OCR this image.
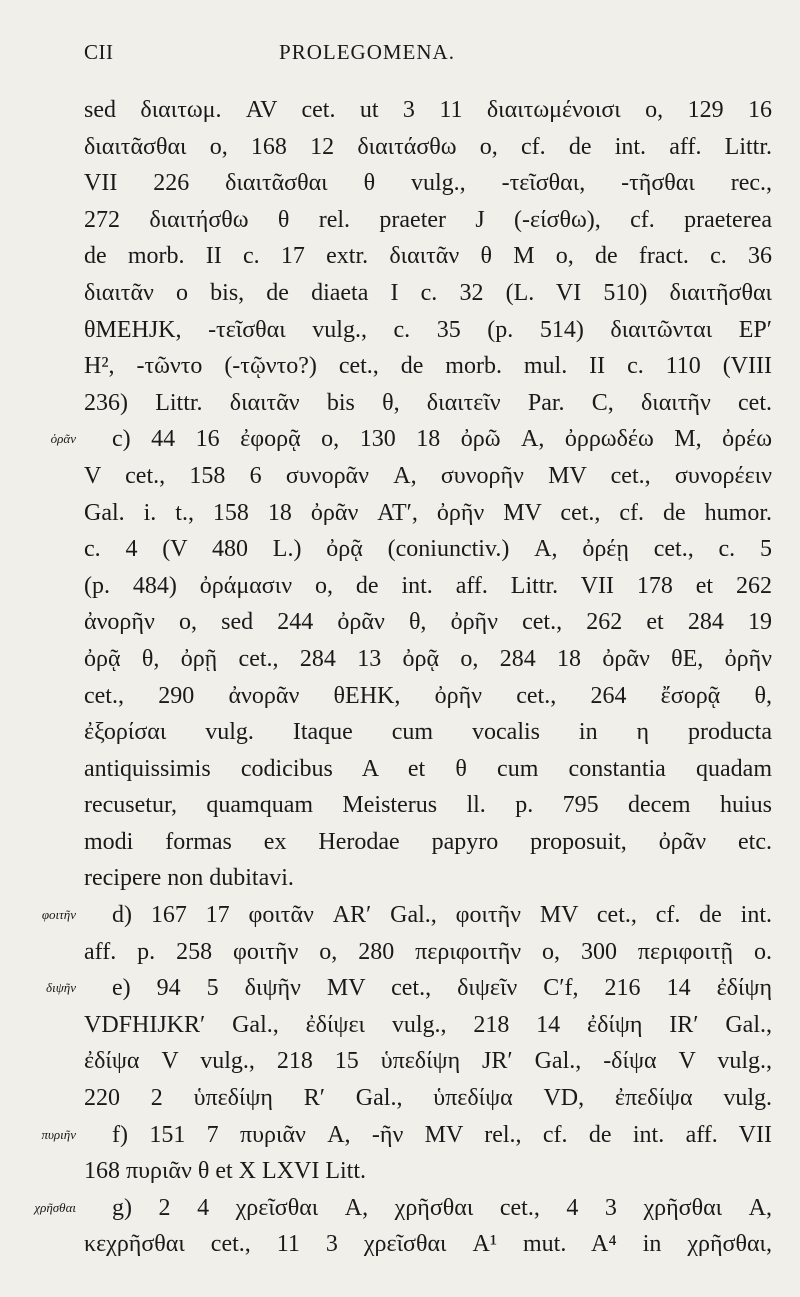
CII	PROLEGOMENA.
sed διαιτωμ. AV cet. ut 3 11 διαιτωμένοισι ο, 129 16
διαιτᾶσθαι ο, 168 12 διαιτάσθω ο, cf. de int. aff. Littr.
VII 226 διαιτᾶσθαι θ vulg., -τεῖσθαι, -τῆσθαι rec.,
272 διαιτήσθω θ rel. praeter J (-είσθω), cf. praeterea
de morb. II c. 17 extr. διαιτᾶν θ M ο, de fract. c. 36
διαιτᾶν ο bis, de diaeta I c. 32 (L. VI 510) διαιτῆσθαι
θMEHJK, -τεῖσθαι vulg., c. 35 (p. 514) διαιτῶνται EP′
H², -τῶντο (-τῷντο?) cet., de morb. mul. II c. 110 (VIII
236) Littr. διαιτᾶν bis θ, διαιτεῖν Par. C, διαιτῆν cet.
ὁρᾶν c) 44 16 ἐφορᾷ ο, 130 18 ὀρῶ A, ὀρρωδέω M, ὀρέω
V cet., 158 6 συνορᾶν A, συνορῆν MV cet., συνορέειν
Gal. i. t., 158 18 ὀρᾶν AT′, ὀρῆν MV cet., cf. de humor.
c. 4 (V 480 L.) ὀρᾷ (coniunctiv.) A, ὀρέῃ cet., c. 5
(p. 484) ὀράμασιν ο, de int. aff. Littr. VII 178 et 262
ἀνορῆν ο, sed 244 ὀρᾶν θ, ὀρῆν cet., 262 et 284 19
ὀρᾷ θ, ὀρῇ cet., 284 13 ὀρᾷ ο, 284 18 ὀρᾶν θE, ὀρῆν
cet., 290 ἀνορᾶν θEHK, ὀρῆν cet., 264 ἔσορᾷ θ,
ἐξορίσαι vulg. Itaque cum vocalis in η producta
antiquissimis codicibus A et θ cum constantia quadam
recusetur, quamquam Meisterus ll. p. 795 decem huius
modi formas ex Herodae papyro proposuit, ὀρᾶν etc.
recipere non dubitavi.
φοιτῆν d) 167 17 φοιτᾶν AR′ Gal., φοιτῆν MV cet., cf. de int.
aff. p. 258 φοιτῆν ο, 280 περιφοιτῆν ο, 300 περιφοιτῇ ο.
διψῆν e) 94 5 διψῆν MV cet., διψεῖν C′f, 216 14 ἐδίψη
VDFHIJKR′ Gal., ἐδίψει vulg., 218 14 ἐδίψη IR′ Gal.,
ἐδίψα V vulg., 218 15 ὑπεδίψη JR′ Gal., -δίψα V vulg.,
220 2 ὑπεδίψη R′ Gal., ὑπεδίψα VD, ἐπεδίψα vulg.
πυριῆν f) 151 7 πυριᾶν A, -ῆν MV rel., cf. de int. aff. VII
168 πυριᾶν θ et X LXVI Litt.
χρῆσθαι g) 2 4 χρεῖσθαι A, χρῆσθαι cet., 4 3 χρῆσθαι A,
κεχρῆσθαι cet., 11 3 χρεῖσθαι A¹ mut. A⁴ in χρῆσθαι,
